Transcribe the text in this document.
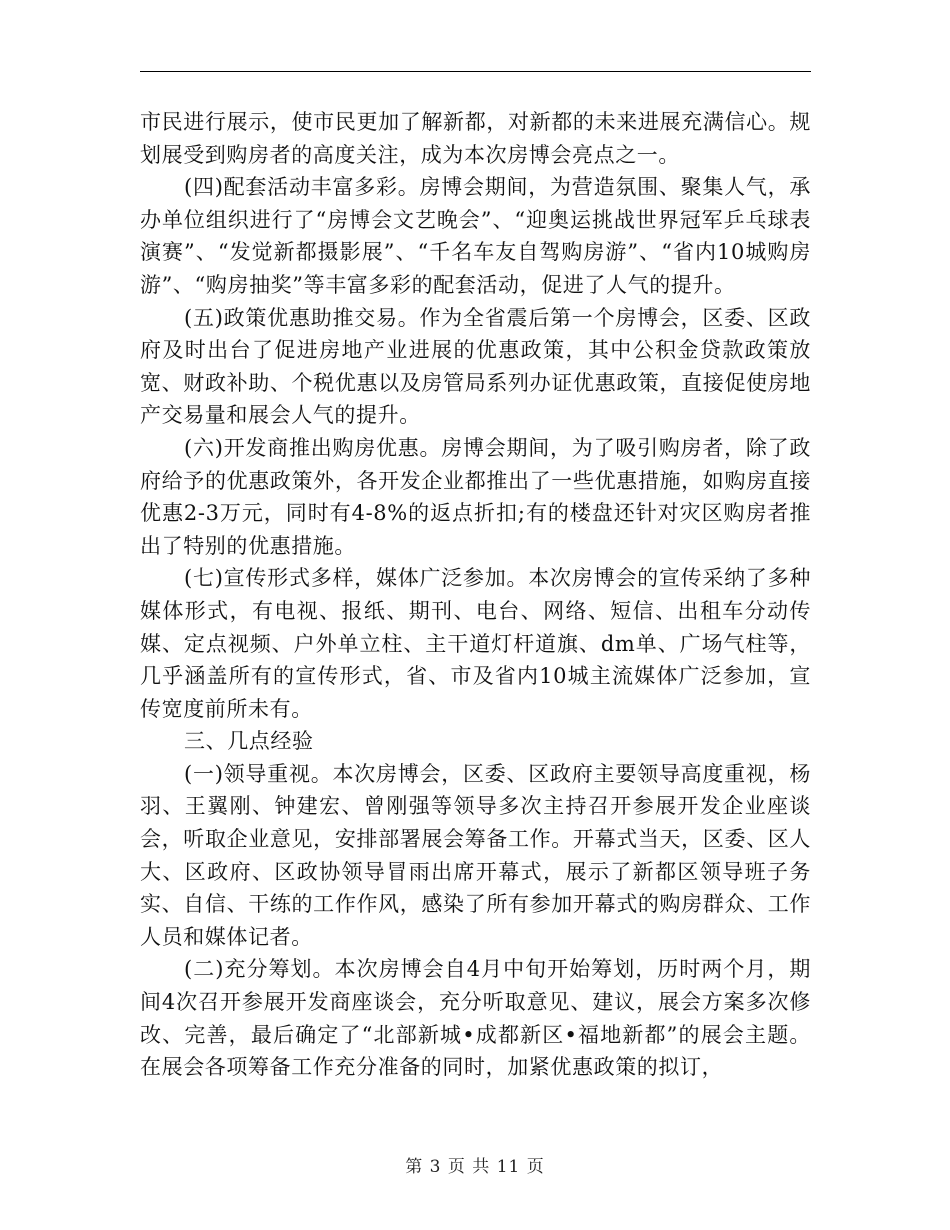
市民进行展示，使市民更加了解新都，对新都的未来进展充满信心。规划展受到购房者的高度关注，成为本次房博会亮点之一。

(四)配套活动丰富多彩。房博会期间，为营造氛围、聚集人气，承办单位组织进行了“房博会文艺晚会”、“迎奥运挑战世界冠军乒乓球表演赛”、“发觉新都摄影展”、“千名车友自驾购房游”、“省内10城购房游”、“购房抽奖”等丰富多彩的配套活动，促进了人气的提升。

(五)政策优惠助推交易。作为全省震后第一个房博会，区委、区政府及时出台了促进房地产业进展的优惠政策，其中公积金贷款政策放宽、财政补助、个税优惠以及房管局系列办证优惠政策，直接促使房地产交易量和展会人气的提升。

(六)开发商推出购房优惠。房博会期间，为了吸引购房者，除了政府给予的优惠政策外，各开发企业都推出了一些优惠措施，如购房直接优惠2-3万元，同时有4-8%的返点折扣;有的楼盘还针对灾区购房者推出了特别的优惠措施。

(七)宣传形式多样，媒体广泛参加。本次房博会的宣传采纳了多种媒体形式，有电视、报纸、期刊、电台、网络、短信、出租车分动传媒、定点视频、户外单立柱、主干道灯杆道旗、dm单、广场气柱等，几乎涵盖所有的宣传形式，省、市及省内10城主流媒体广泛参加，宣传宽度前所未有。

三、几点经验

(一)领导重视。本次房博会，区委、区政府主要领导高度重视，杨羽、王翼刚、钟建宏、曾刚强等领导多次主持召开参展开发企业座谈会，听取企业意见，安排部署展会筹备工作。开幕式当天，区委、区人大、区政府、区政协领导冒雨出席开幕式，展示了新都区领导班子务实、自信、干练的工作作风，感染了所有参加开幕式的购房群众、工作人员和媒体记者。

(二)充分筹划。本次房博会自4月中旬开始筹划，历时两个月，期间4次召开参展开发商座谈会，充分听取意见、建议，展会方案多次修改、完善，最后确定了“北部新城•成都新区•福地新都”的展会主题。在展会各项筹备工作充分准备的同时，加紧优惠政策的拟订，

第 3 页 共 11 页
